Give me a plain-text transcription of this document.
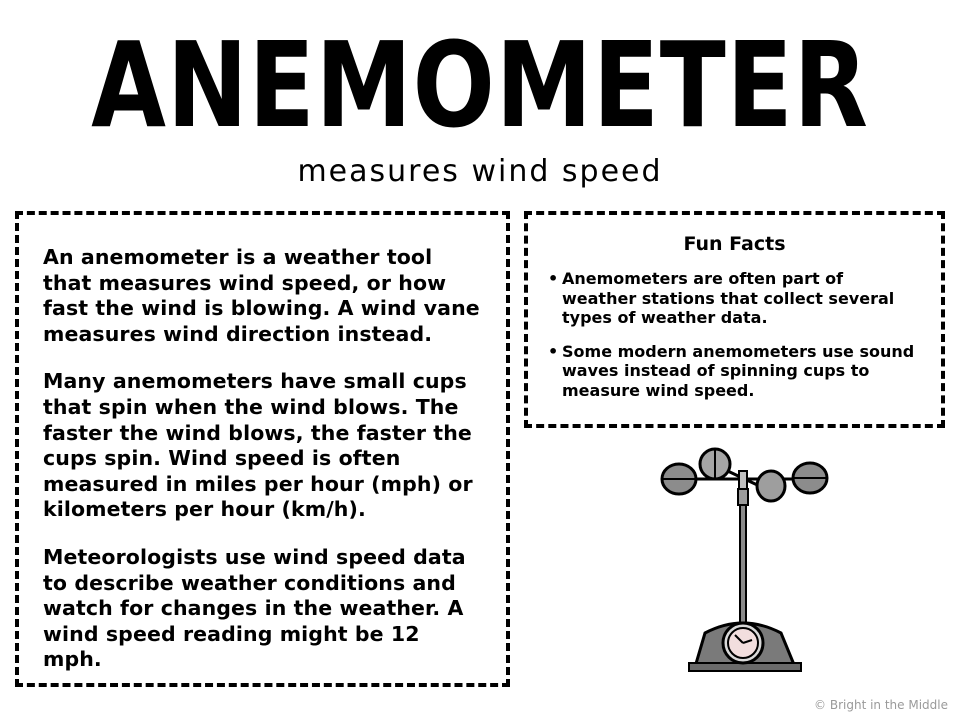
ANEMOMETER
measures wind speed

An anemometer is a weather tool that measures wind speed, or how fast the wind is blowing. A wind vane measures wind direction instead.

Many anemometers have small cups that spin when the wind blows. The faster the wind blows, the faster the cups spin. Wind speed is often measured in miles per hour (mph) or kilometers per hour (km/h).

Meteorologists use wind speed data to describe weather conditions and watch for changes in the weather. A wind speed reading might be 12 mph.

Fun Facts
• Anemometers are often part of weather stations that collect several types of weather data.
• Some modern anemometers use sound waves instead of spinning cups to measure wind speed.
© Bright in the Middle
